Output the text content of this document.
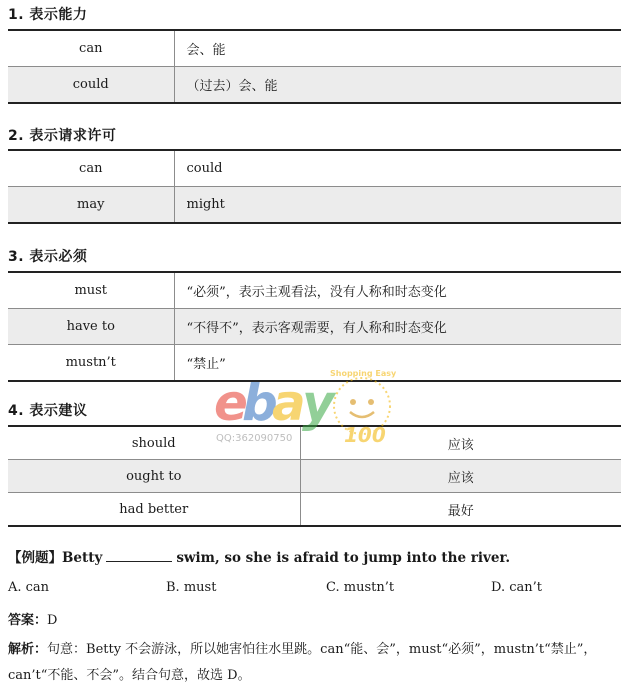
1. 表示能力
can	会、能
could	（过去）会、能
2. 表示请求许可
can	could
may	might
3. 表示必须
must	“必须”，表示主观看法，没有人称和时态变化
have to	“不得不”，表示客观需要，有人称和时态变化
mustn’t	“禁止”
4. 表示建议
should	应该
ought to	应该
had better	最好
e
b
a
y
100
Shopping Easy
QQ:362090750
【例题】Betty	swim, so she is afraid to jump into the river.
A. can	B. must	C. mustn’t	D. can’t
答案：D
解析：句意：Betty 不会游泳，所以她害怕往水里跳。can“能、会”，must“必须”，mustn’t“禁止”，can’t“不能、不会”。结合句意，故选 D。
